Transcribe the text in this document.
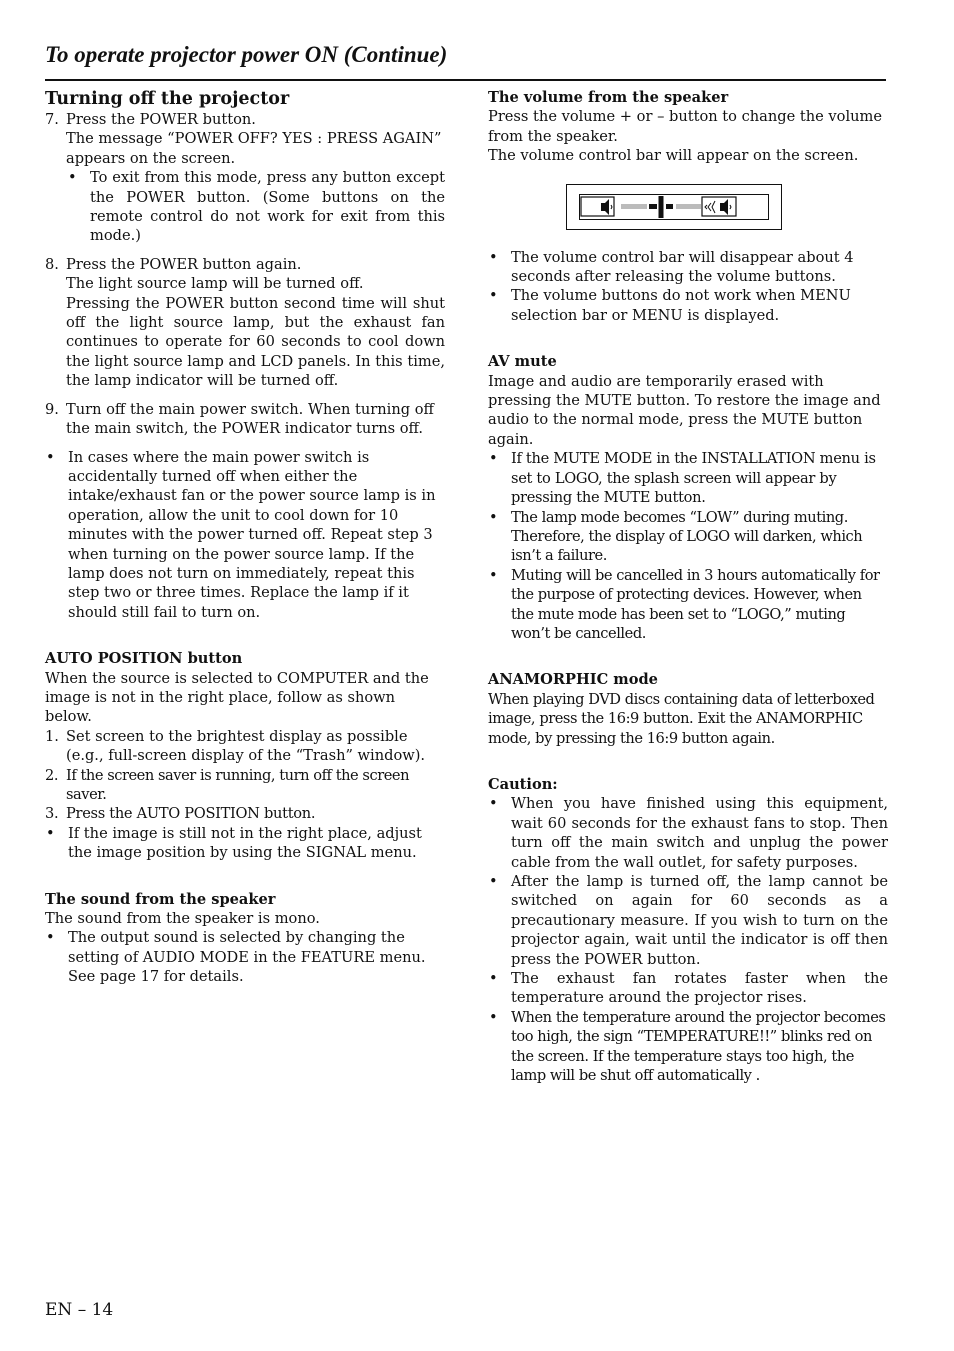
To operate projector power ON (Continue)

Turning off the projector

7. Press the POWER button.

The message “POWER OFF? YES : PRESS AGAIN” appears on the screen.

• To exit from this mode, press any button except the POWER button. (Some buttons on the remote control do not work for exit from this mode.)

8. Press the POWER button again.

The light source lamp will be turned off.

Pressing the POWER button second time will shut off the light source lamp, but the exhaust fan continues to operate for 60 seconds to cool down the light source lamp and LCD panels. In this time, the lamp indicator will be turned off.

9. Turn off the main power switch. When turning off the main switch, the POWER indicator turns off.

• In cases where the main power switch is accidentally turned off when either the intake/exhaust fan or the power source lamp is in operation, allow the unit to cool down for 10 minutes with the power turned off. Repeat step 3 when turning on the power source lamp. If the lamp does not turn on immediately, repeat this step two or three times. Replace the lamp if it should still fail to turn on.

AUTO POSITION button

When the source is selected to COMPUTER and the image is not in the right place, follow as shown below.

1. Set screen to the brightest display as possible (e.g., full-screen display of the “Trash” window).

2. If the screen saver is running, turn off the screen saver.

3. Press the AUTO POSITION button.

• If the image is still not in the right place, adjust the image position by using the SIGNAL menu.

The sound from the speaker

The sound from the speaker is mono.

• The output sound is selected by changing the setting of AUDIO MODE in the FEATURE menu. See page 17 for details.

The volume from the speaker

Press the volume + or – button to change the volume from the speaker.

The volume control bar will appear on the screen.

• The volume control bar will disappear about 4 seconds after releasing the volume buttons.

• The volume buttons do not work when MENU selection bar or MENU is displayed.

AV mute

Image and audio are temporarily erased with pressing the MUTE button. To restore the image and audio to the normal mode, press the MUTE button again.

• If the MUTE MODE in the INSTALLATION menu is set to LOGO, the splash screen will appear by pressing the MUTE button.

• The lamp mode becomes “LOW” during muting. Therefore, the display of LOGO will darken, which isn’t a failure.

• Muting will be cancelled in 3 hours automatically for the purpose of protecting devices. However, when the mute mode has been set to “LOGO,” muting won’t be cancelled.

ANAMORPHIC mode

When playing DVD discs containing data of letterboxed image, press the 16:9 button. Exit the ANAMORPHIC mode, by pressing the 16:9 button again.

Caution:

• When you have finished using this equipment, wait 60 seconds for the exhaust fans to stop. Then turn off the main switch and unplug the power cable from the wall outlet, for safety purposes.

• After the lamp is turned off, the lamp cannot be switched on again for 60 seconds as a precautionary measure. If you wish to turn on the projector again, wait until the indicator is off then press the POWER button.

• The exhaust fan rotates faster when the temperature around the projector rises.

• When the temperature around the projector becomes too high, the sign “TEMPERATURE!!” blinks red on the screen. If the temperature stays too high, the lamp will be shut off automatically .

EN – 14
